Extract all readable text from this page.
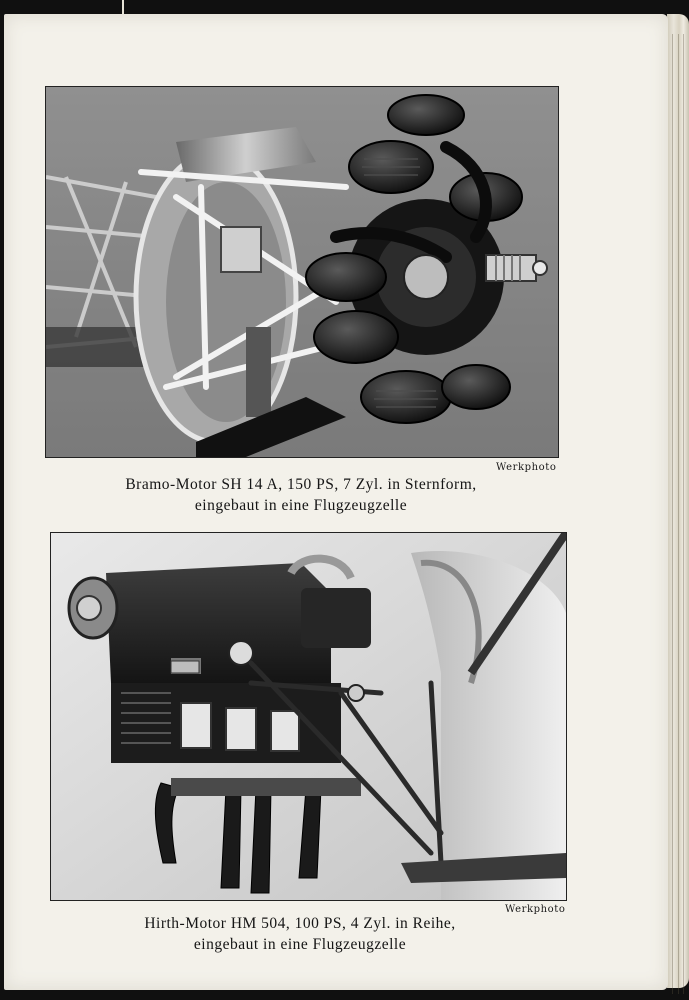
Werkphoto
Bramo-Motor SH 14 A, 150 PS, 7 Zyl. in Sternform,
eingebaut in eine Flugzeugzelle
Werkphoto
Hirth-Motor HM 504, 100 PS, 4 Zyl. in Reihe,
eingebaut in eine Flugzeugzelle
